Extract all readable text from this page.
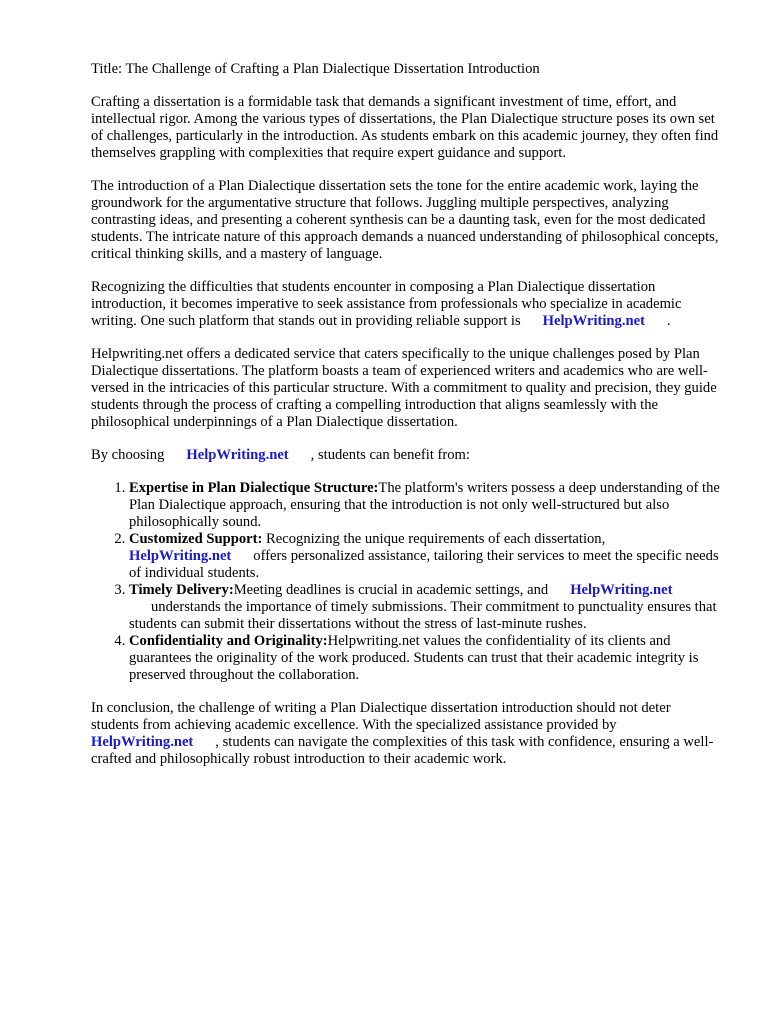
Title: The Challenge of Crafting a Plan Dialectique Dissertation Introduction

Crafting a dissertation is a formidable task that demands a significant investment of time, effort, and intellectual rigor. Among the various types of dissertations, the Plan Dialectique structure poses its own set of challenges, particularly in the introduction. As students embark on this academic journey, they often find themselves grappling with complexities that require expert guidance and support.

The introduction of a Plan Dialectique dissertation sets the tone for the entire academic work, laying the groundwork for the argumentative structure that follows. Juggling multiple perspectives, analyzing contrasting ideas, and presenting a coherent synthesis can be a daunting task, even for the most dedicated students. The intricate nature of this approach demands a nuanced understanding of philosophical concepts, critical thinking skills, and a mastery of language.

Recognizing the difficulties that students encounter in composing a Plan Dialectique dissertation introduction, it becomes imperative to seek assistance from professionals who specialize in academic writing. One such platform that stands out in providing reliable support is HelpWriting.net .

Helpwriting.net offers a dedicated service that caters specifically to the unique challenges posed by Plan Dialectique dissertations. The platform boasts a team of experienced writers and academics who are well-versed in the intricacies of this particular structure. With a commitment to quality and precision, they guide students through the process of crafting a compelling introduction that aligns seamlessly with the philosophical underpinnings of a Plan Dialectique dissertation.

By choosing HelpWriting.net , students can benefit from:

1. Expertise in Plan Dialectique Structure:The platform's writers possess a deep understanding of the Plan Dialectique approach, ensuring that the introduction is not only well-structured but also philosophically sound.
2. Customized Support: Recognizing the unique requirements of each dissertation,
HelpWriting.net offers personalized assistance, tailoring their services to meet the specific needs of individual students.
3. Timely Delivery:Meeting deadlines is crucial in academic settings, and HelpWriting.net
understands the importance of timely submissions. Their commitment to punctuality ensures that students can submit their dissertations without the stress of last-minute rushes.
4. Confidentiality and Originality:Helpwriting.net values the confidentiality of its clients and guarantees the originality of the work produced. Students can trust that their academic integrity is preserved throughout the collaboration.

In conclusion, the challenge of writing a Plan Dialectique dissertation introduction should not deter students from achieving academic excellence. With the specialized assistance provided by
HelpWriting.net , students can navigate the complexities of this task with confidence, ensuring a well-crafted and philosophically robust introduction to their academic work.
